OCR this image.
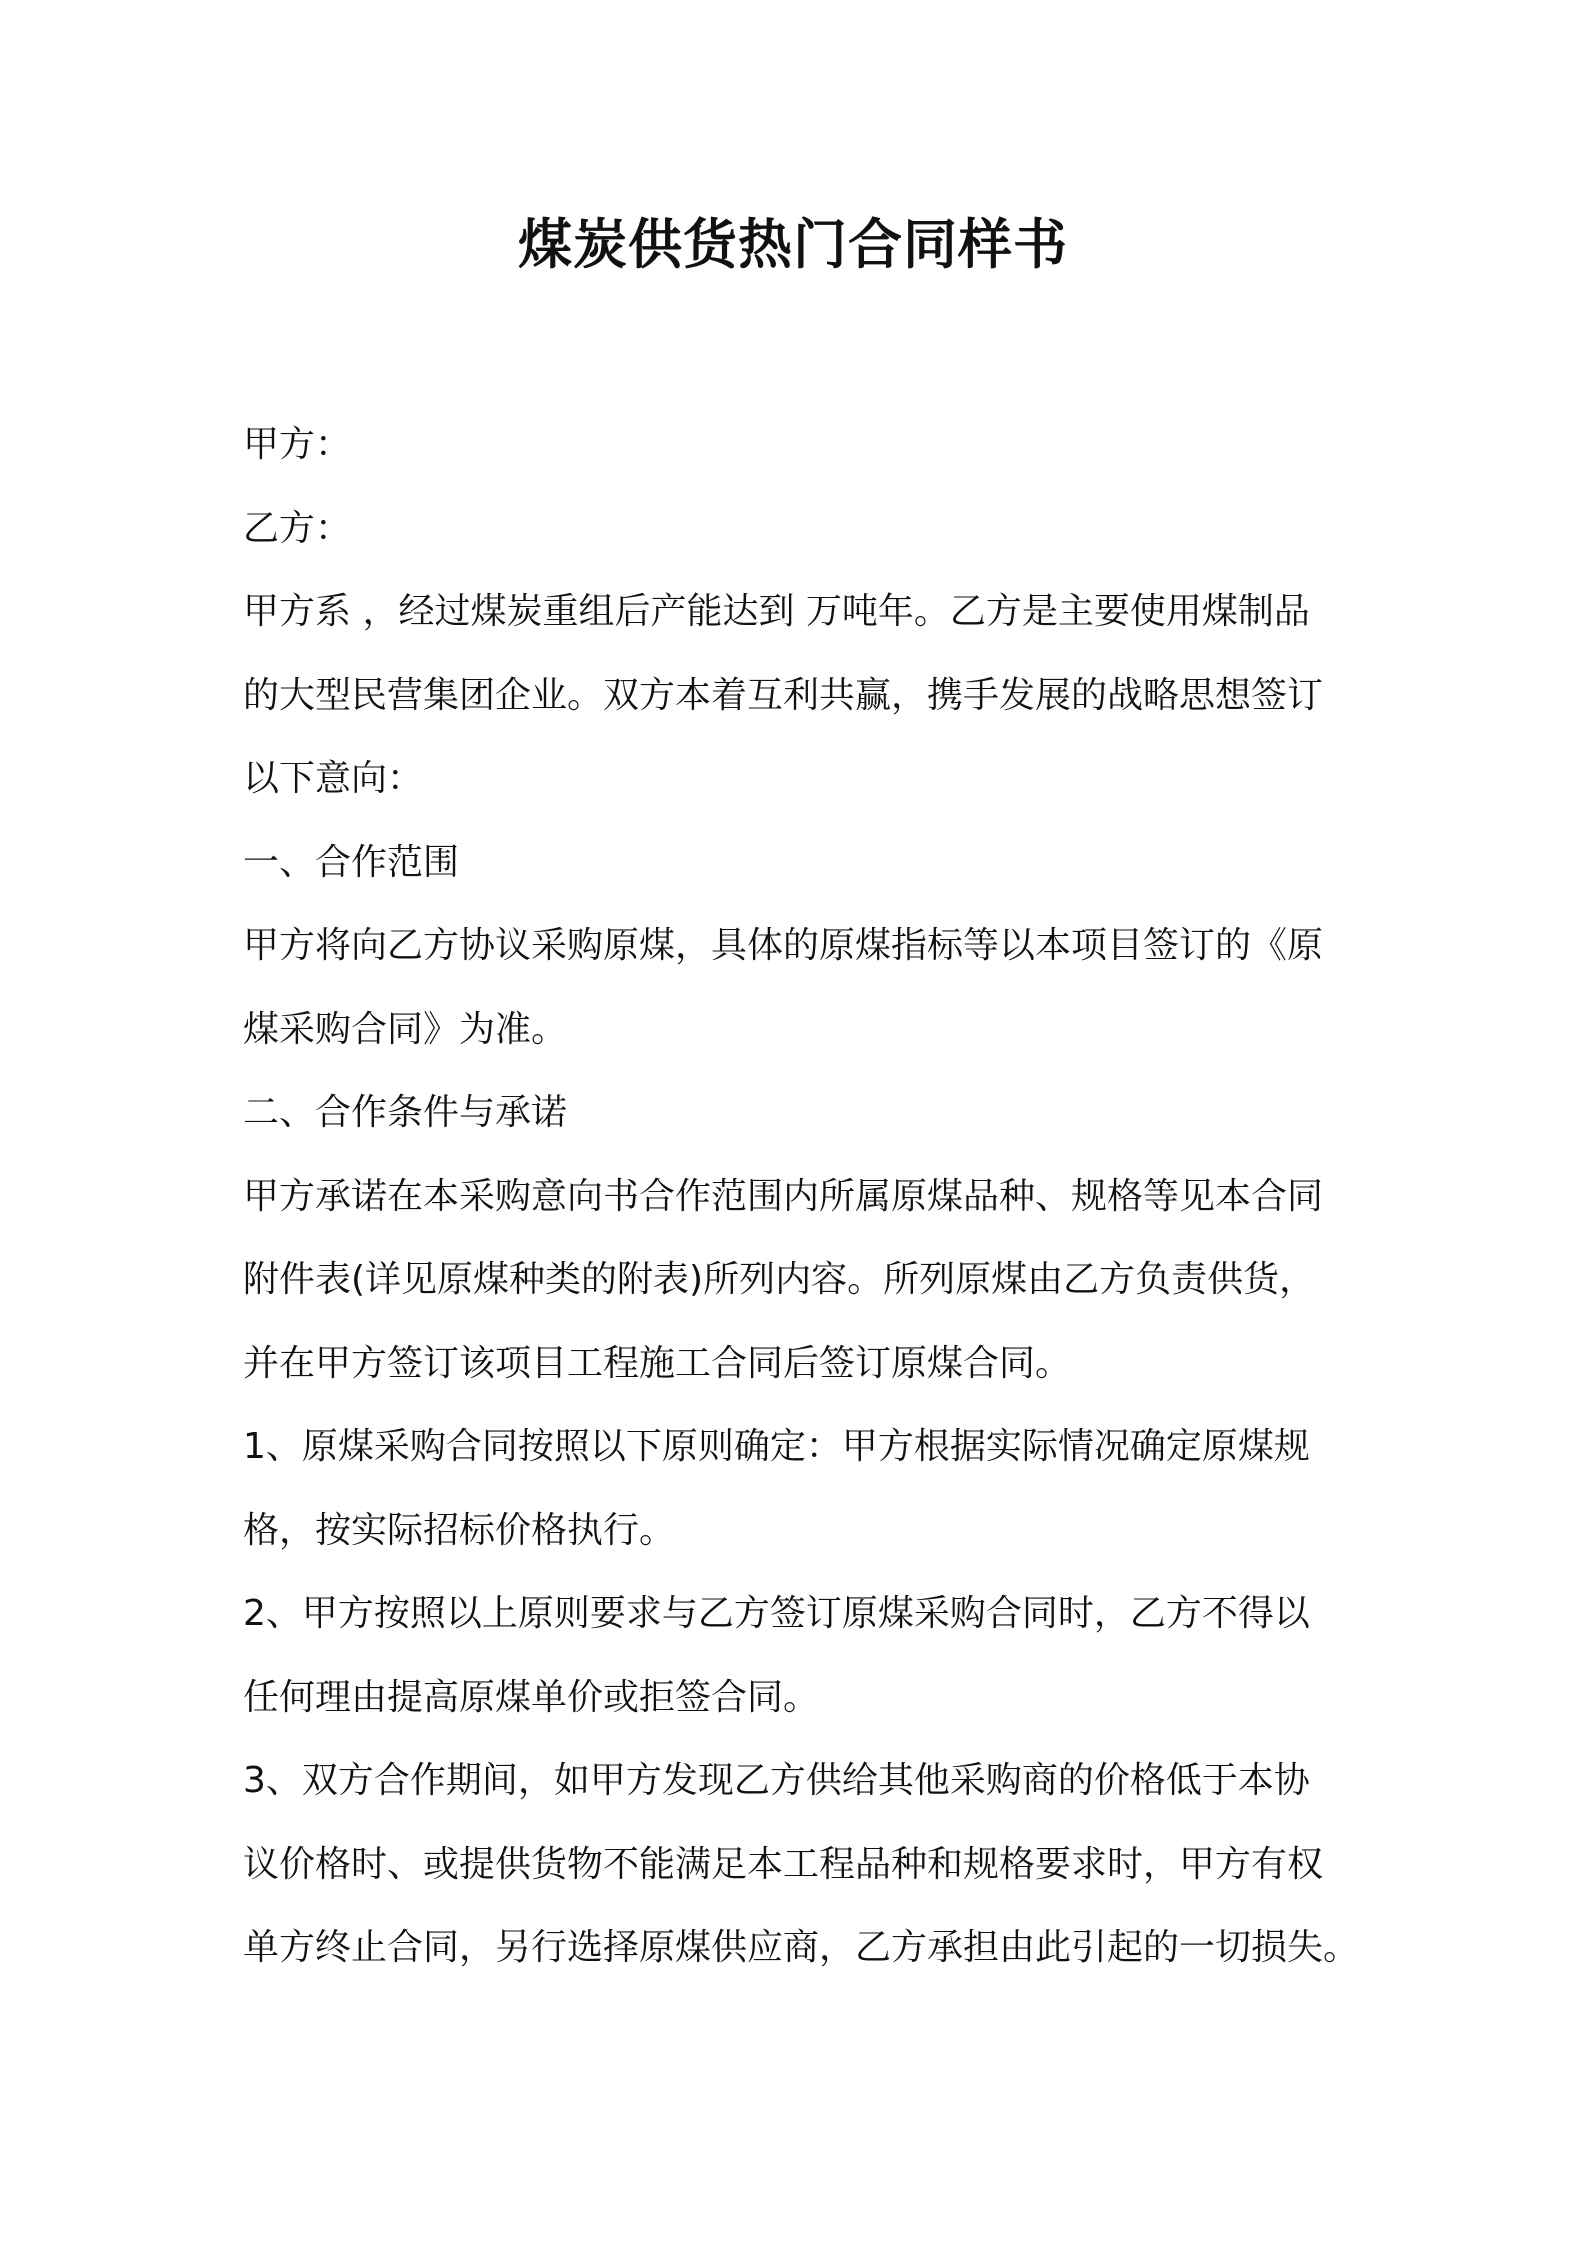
煤炭供货热门合同样书
甲方：
乙方：
甲方系 ，经过煤炭重组后产能达到 万吨年。乙方是主要使用煤制品
的大型民营集团企业。双方本着互利共赢，携手发展的战略思想签订
以下意向：
一、合作范围
甲方将向乙方协议采购原煤，具体的原煤指标等以本项目签订的《原
煤采购合同》为准。
二、合作条件与承诺
甲方承诺在本采购意向书合作范围内所属原煤品种、规格等见本合同
附件表(详见原煤种类的附表)所列内容。所列原煤由乙方负责供货，
并在甲方签订该项目工程施工合同后签订原煤合同。
1、原煤采购合同按照以下原则确定：甲方根据实际情况确定原煤规
格，按实际招标价格执行。
2、甲方按照以上原则要求与乙方签订原煤采购合同时，乙方不得以
任何理由提高原煤单价或拒签合同。
3、双方合作期间，如甲方发现乙方供给其他采购商的价格低于本协
议价格时、或提供货物不能满足本工程品种和规格要求时，甲方有权
单方终止合同，另行选择原煤供应商，乙方承担由此引起的一切损失。
